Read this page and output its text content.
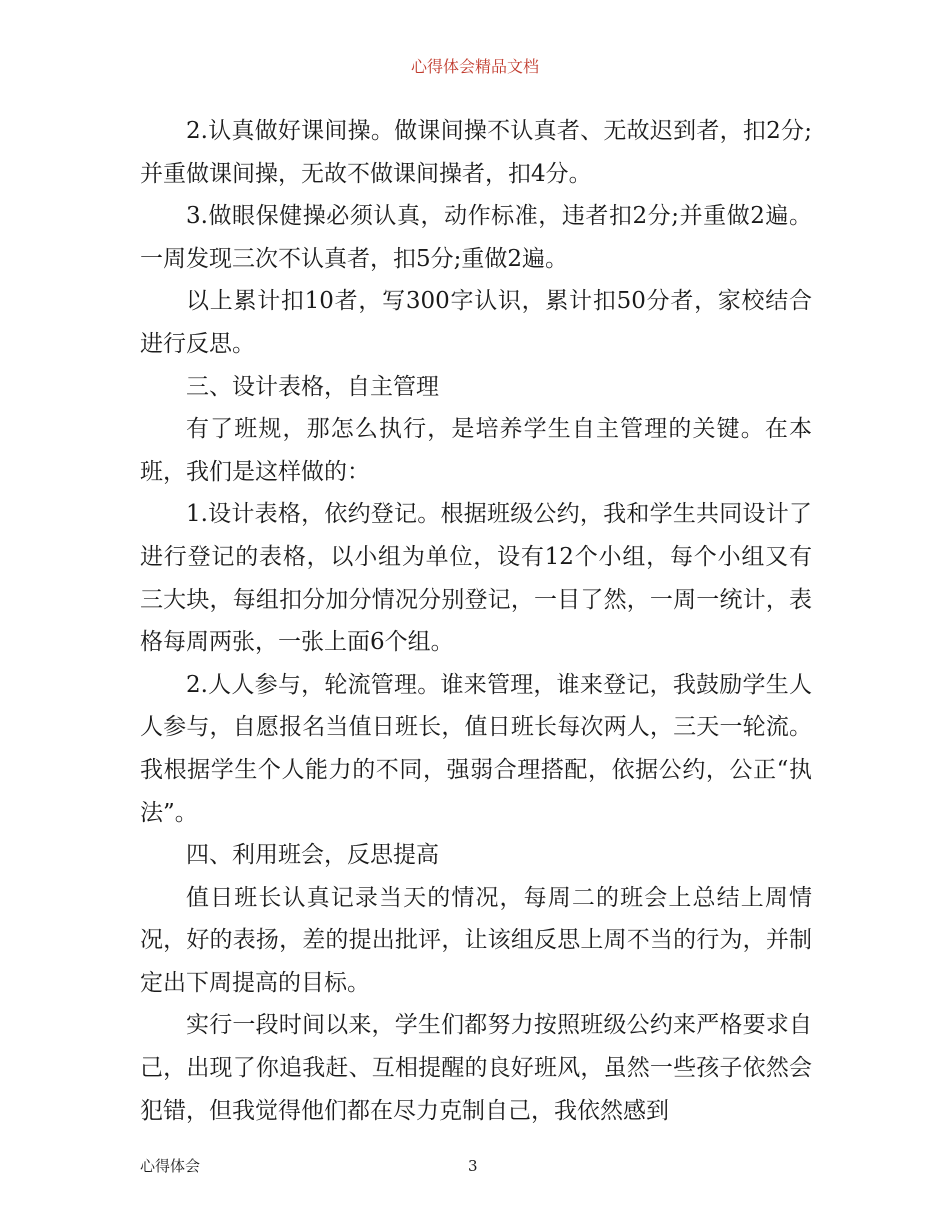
心得体会精品文档

2.认真做好课间操。做课间操不认真者、无故迟到者，扣2分;并重做课间操，无故不做课间操者，扣4分。

3.做眼保健操必须认真，动作标准，违者扣2分;并重做2遍。一周发现三次不认真者，扣5分;重做2遍。

以上累计扣10者，写300字认识，累计扣50分者，家校结合进行反思。

三、设计表格，自主管理

有了班规，那怎么执行，是培养学生自主管理的关键。在本班，我们是这样做的：

1.设计表格，依约登记。根据班级公约，我和学生共同设计了进行登记的表格，以小组为单位，设有12个小组，每个小组又有三大块，每组扣分加分情况分别登记，一目了然，一周一统计，表格每周两张，一张上面6个组。

2.人人参与，轮流管理。谁来管理，谁来登记，我鼓励学生人人参与，自愿报名当值日班长，值日班长每次两人，三天一轮流。我根据学生个人能力的不同，强弱合理搭配，依据公约，公正“执法”。

四、利用班会，反思提高

值日班长认真记录当天的情况，每周二的班会上总结上周情况，好的表扬，差的提出批评，让该组反思上周不当的行为，并制定出下周提高的目标。

实行一段时间以来，学生们都努力按照班级公约来严格要求自己，出现了你追我赶、互相提醒的良好班风，虽然一些孩子依然会犯错，但我觉得他们都在尽力克制自己，我依然感到

心得体会	3
